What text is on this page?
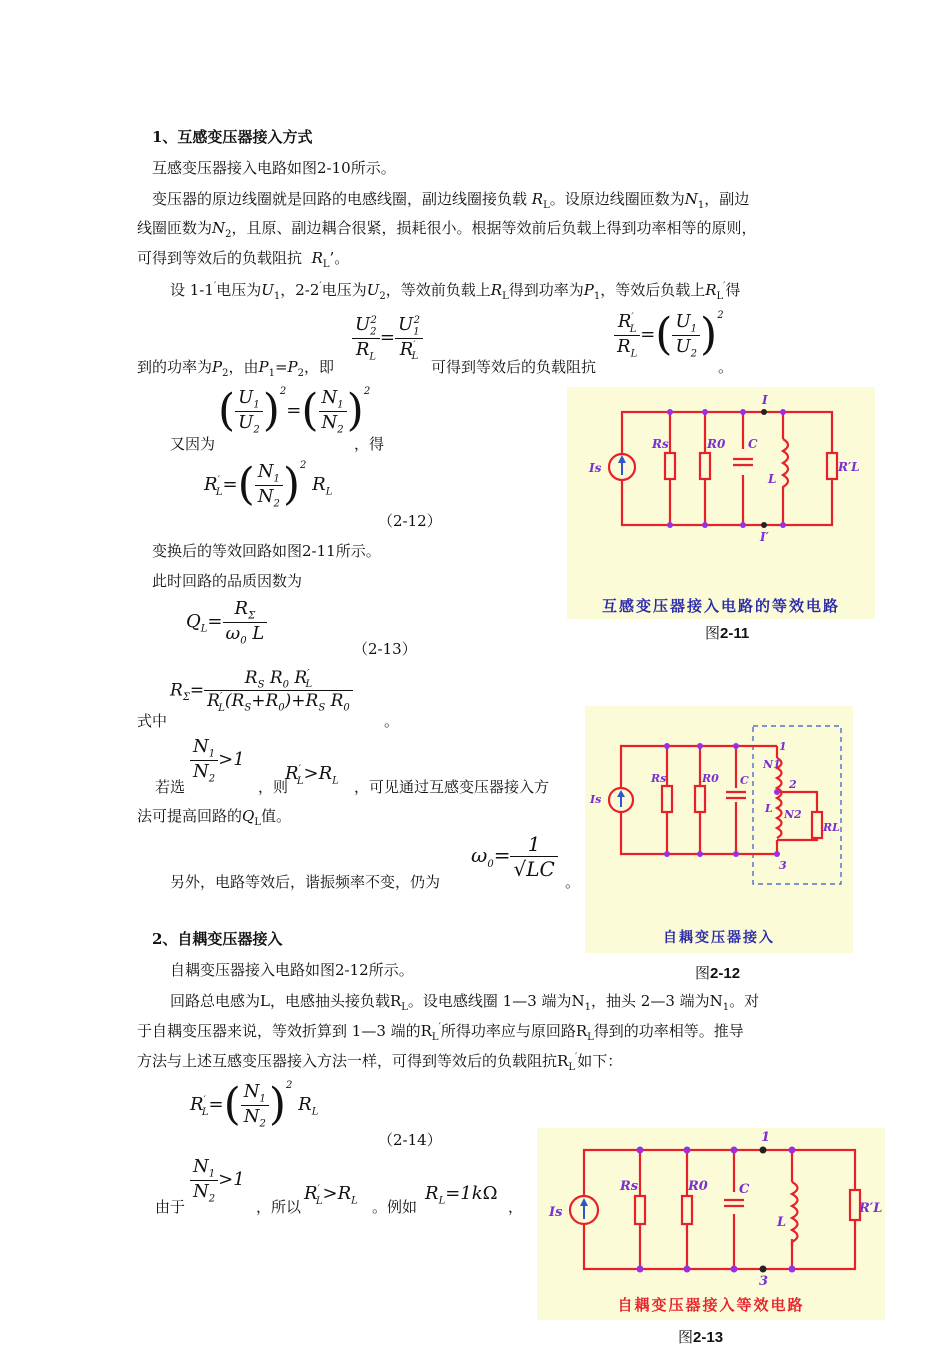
1、互感变压器接入方式
互感变压器接入电路如图2-10所示。
变压器的原边线圈就是回路的电感线圈，副边线圈接负载 $R_L$。设原边线圈匝数为$N_1$，副边
线圈匝数为$N_2$，且原、副边耦合很紧，损耗很小。根据等效前后负载上得到功率相等的原则，
可得到等效后的负载阻抗 $R_L$’。
设 1-1′电压为$U_1$，2-2′电压为$U_2$，等效前负载上$R_L$得到功率为$P_1$，等效后负载上$R_L'$得
$\frac{U_2^2}{R_L} = \frac{U_1^2}{R'_L}$	$\frac{R'_L}{R_L}$ =( $\frac{U_1}{U_2} )^2$
到的功率为$P_2$，由$P_1=P_2$，即	可得到等效后的负载阻抗	。
又因为
( $\frac{U_1}{U_2} )^2=( \frac{N_1}{N_2} )^2$
，得
$R'_L=( \frac{N_1}{N_2} )^2$ $R_L$
（2-12）
变换后的等效回路如图2-11所示。
此时回路的品质因数为
$Q_L= \frac{R_\Sigma}{\omega_0 L}$
（2-13）
$R_\Sigma= \frac{R_S R_0 R'_L}{R'_L(R_S+R_0)+R_S R_0}$
式中	。
$\frac{N_1}{N_2} >1$
若选	，则
$R'_L>R_L$ ，可见通过互感变压器接入方
法可提高回路的$Q_L$值。
另外，电路等效后，谐振频率不变，仍为
$\omega_0= \frac{1}{√LC}$
。
2、自耦变压器接入
自耦变压器接入电路如图2-12所示。
回路总电感为L，电感抽头接负载$R_L$。设电感线圈 1—3 端为$N_1$，抽头 2—3 端为$N_1$。对
于自耦变压器来说，等效折算到 1—3 端的$R_L'$所得功率应与原回路$R_L$得到的功率相等。推导
方法与上述互感变压器接入方法一样，可得到等效后的负载阻抗$R_L'$如下：
$R'_L=( \frac{N_1}{N_2} )^2$ $R_L$
（2-14）
$\frac{N_1}{N_2} >1$
由于	，所以
$R'_L>R_L$ 。例如
$R_L=1k\Omega$
，
Is
Rs	R0 C
L
R′L
I
I′
互感变压器接入电路的等效电路
图2-11
Is
Rs	R0 C
N1
L N2
RL
1
2
3
自耦变压器接入
图2-12
Is
Rs	R0 C
L
R′L
1
3
自耦变压器接入等效电路
图2-13
